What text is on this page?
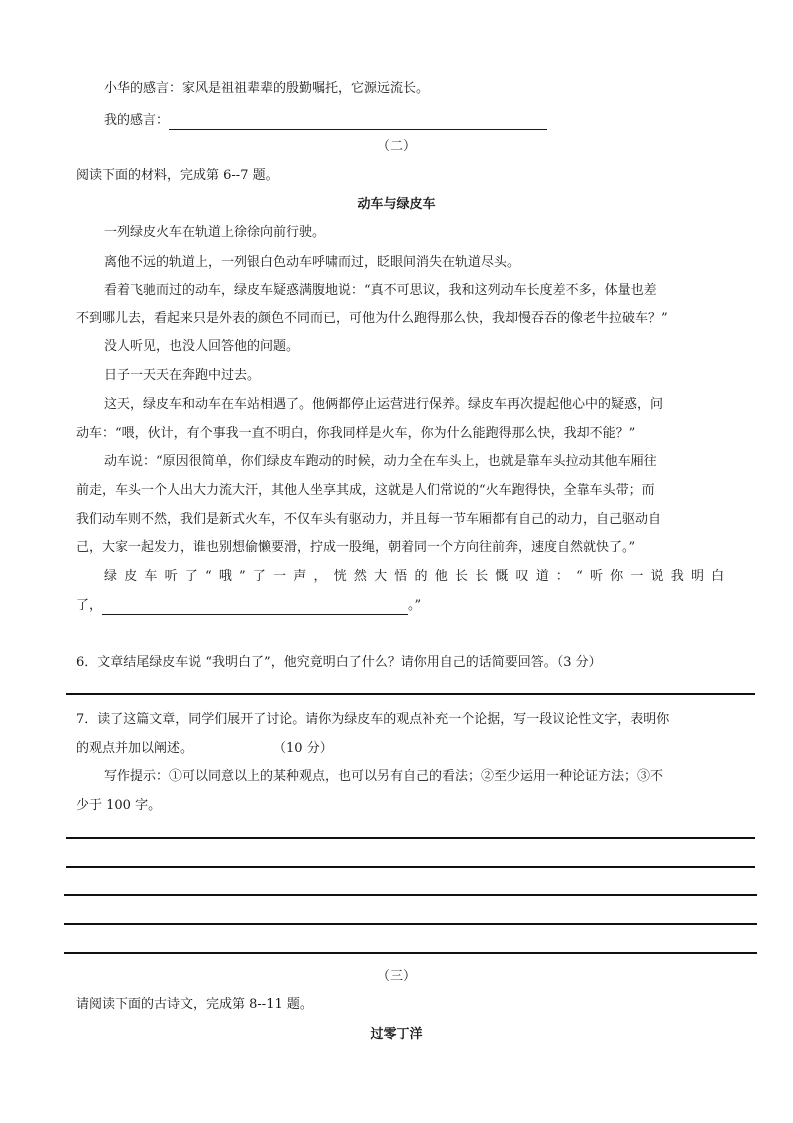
小华的感言：家风是祖祖辈辈的殷勤嘱托，它源远流长。
我的感言：
（二）
阅读下面的材料，完成第 6--7 题。
动车与绿皮车
一列绿皮火车在轨道上徐徐向前行驶。
离他不远的轨道上，一列银白色动车呼啸而过，眨眼间消失在轨道尽头。
看着飞驰而过的动车，绿皮车疑惑满腹地说：“真不可思议，我和这列动车长度差不多，体量也差
不到哪儿去，看起来只是外表的颜色不同而已，可他为什么跑得那么快，我却慢吞吞的像老牛拉破车？”
没人听见，也没人回答他的问题。
日子一天天在奔跑中过去。
这天，绿皮车和动车在车站相遇了。他俩都停止运营进行保养。绿皮车再次提起他心中的疑惑，问
动车：“喂，伙计，有个事我一直不明白，你我同样是火车，你为什么能跑得那么快，我却不能？”
动车说：“原因很简单，你们绿皮车跑动的时候，动力全在车头上，也就是靠车头拉动其他车厢往
前走，车头一个人出大力流大汗，其他人坐享其成，这就是人们常说的“火车跑得快，全靠车头带；而
我们动车则不然，我们是新式火车，不仅车头有驱动力，并且每一节车厢都有自己的动力，自己驱动自
己，大家一起发力，谁也别想偷懒要滑，拧成一股绳，朝着同一个方向往前奔，速度自然就快了。”
绿皮车听了“哦”了一声，恍然大悟的他长长慨叹道：“听你一说我明白
了，	。”
6．文章结尾绿皮车说 “我明白了”，他究竟明白了什么？请你用自己的话简要回答。（3 分）
7．读了这篇文章，同学们展开了讨论。请你为绿皮车的观点补充一个论据，写一段议论性文字，表明你
的观点并加以阐述。	（10 分）
写作提示：①可以同意以上的某种观点，也可以另有自己的看法；②至少运用一种论证方法；③不
少于 100 字。
（三）
请阅读下面的古诗文，完成第 8--11 题。
过零丁洋
